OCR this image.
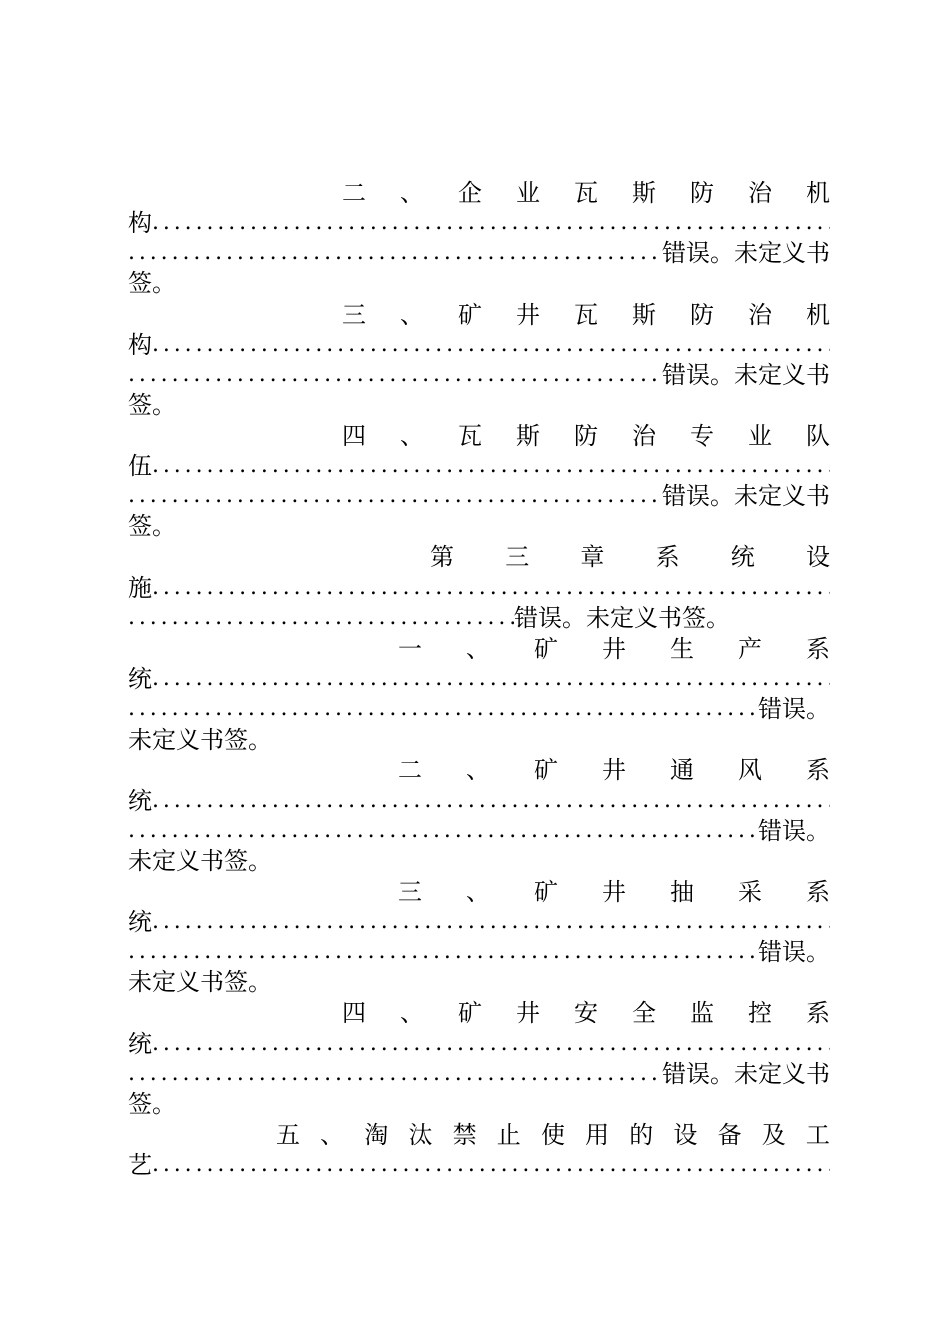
二 、 企 业 瓦 斯 防 治 机
构
.....
.....
错误。未定义书
签。
三 、 矿 井 瓦 斯 防 治 机
构
.....
.....
错误。未定义书
签。
四 、 瓦 斯 防 治 专 业 队
伍
.....
.....
错误。未定义书
签。
第 三 章 系 统 设
施
.....
.....
错误。未定义书签。
一 、 矿 井 生 产 系
统
.....
.....
错误。
未定义书签。
二 、 矿 井 通 风 系
统
.....
.....
错误。
未定义书签。
三 、 矿 井 抽 采 系
统
.....
.....
错误。
未定义书签。
四 、 矿 井 安 全 监 控 系
统
.....
.....
错误。未定义书
签。
五 、 淘 汰 禁 止 使 用 的 设 备 及 工
艺
.....
